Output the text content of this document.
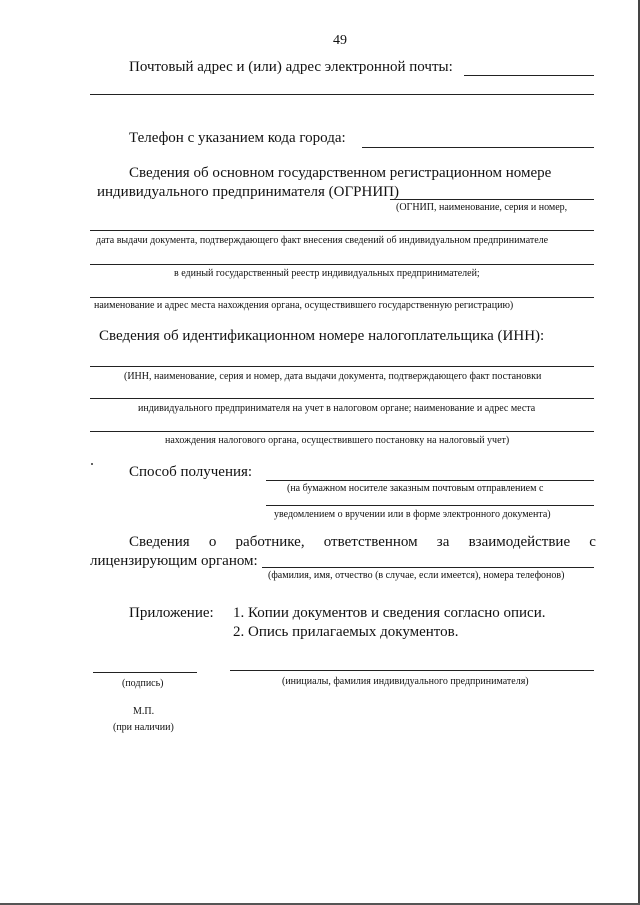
49
Почтовый адрес и (или) адрес электронной почты:
Телефон с указанием кода города:
Сведения об основном государственном регистрационном номере
индивидуального предпринимателя (ОГРНИП)
(ОГНИП, наименование, серия и номер,
дата выдачи документа, подтверждающего факт внесения сведений об индивидуальном предпринимателе
в единый государственный реестр индивидуальных предпринимателей;
наименование и адрес места нахождения органа, осуществившего государственную регистрацию)
Сведения об идентификационном номере налогоплательщика (ИНН):
(ИНН, наименование, серия и номер, дата выдачи документа, подтверждающего факт постановки
индивидуального предпринимателя на учет в налоговом органе; наименование и адрес места
нахождения налогового органа, осуществившего постановку на налоговый учет)
Способ получения:
(на бумажном носителе заказным почтовым отправлением с
уведомлением о вручении или в форме электронного документа)
Сведения о работнике, ответственном за взаимодействие с
лицензирующим органом:
(фамилия, имя, отчество (в случае, если имеется), номера телефонов)
Приложение: 1. Копии документов и сведения согласно описи.
2. Опись прилагаемых документов.
(подпись)	(инициалы, фамилия индивидуального предпринимателя)
М.П.
(при наличии)
